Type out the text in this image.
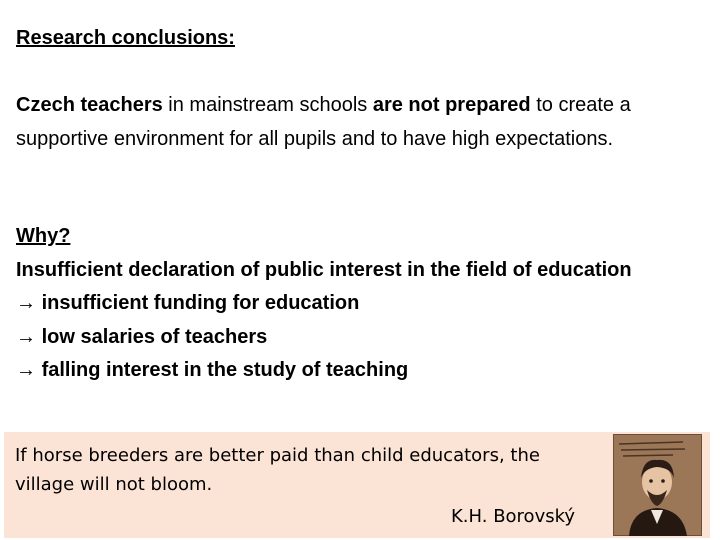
Research conclusions:
Czech teachers in mainstream schools are not prepared to create a supportive environment for all pupils and to have high expectations.
Why?
Insufficient declaration of public interest in the field of education
→ insufficient funding for education
→ low salaries of teachers
→ falling interest in the study of teaching
If horse breeders are better paid than child educators, the
village will not bloom.
K.H. Borovský
